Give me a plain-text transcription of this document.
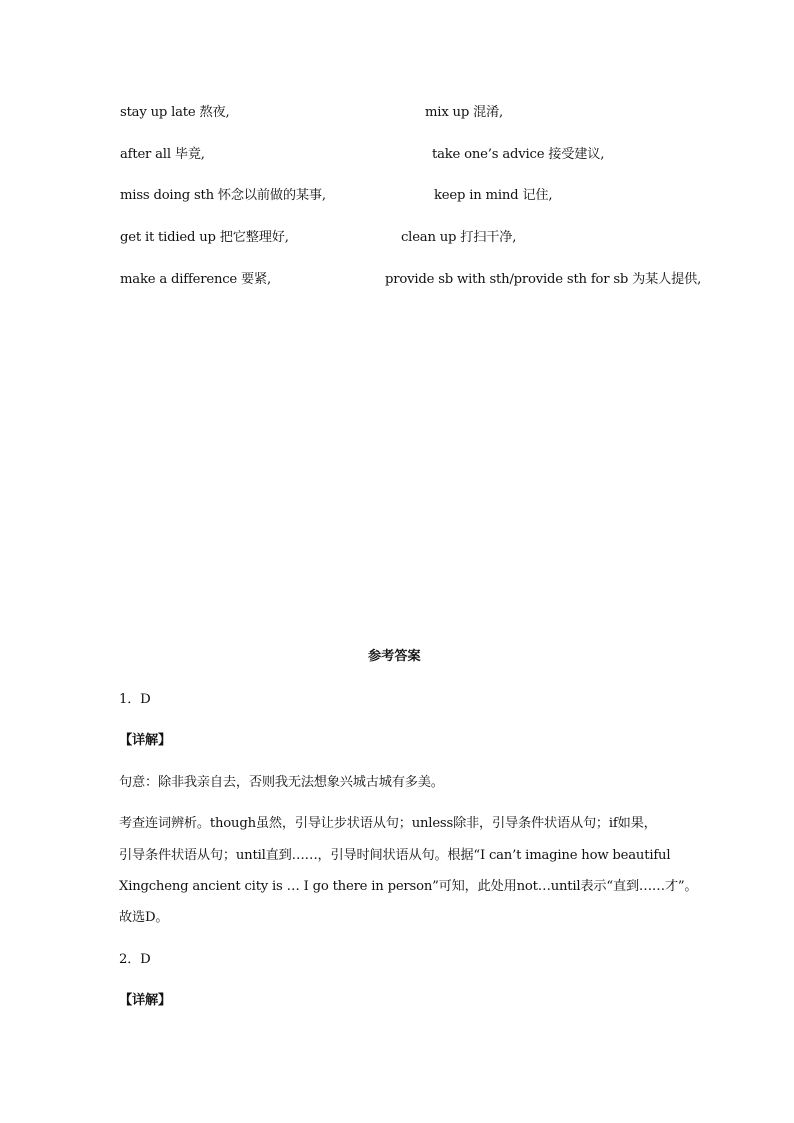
stay up late 熬夜,	mix up 混淆,
after all 毕竟,	take one’s advice 接受建议,
miss doing sth 怀念以前做的某事,	keep in mind 记住,
get it tidied up 把它整理好,	clean up 打扫干净,
make a difference 要紧,	provide sb with sth/provide sth for sb 为某人提供,
参考答案
1．D
【详解】
句意：除非我亲自去，否则我无法想象兴城古城有多美。
考查连词辨析。though虽然，引导让步状语从句；unless除非，引导条件状语从句；if如果，
引导条件状语从句；until直到……，引导时间状语从句。根据“I can’t imagine how beautiful
Xingcheng ancient city is … I go there in person”可知，此处用not…until表示“直到……才”。
故选D。
2．D
【详解】
